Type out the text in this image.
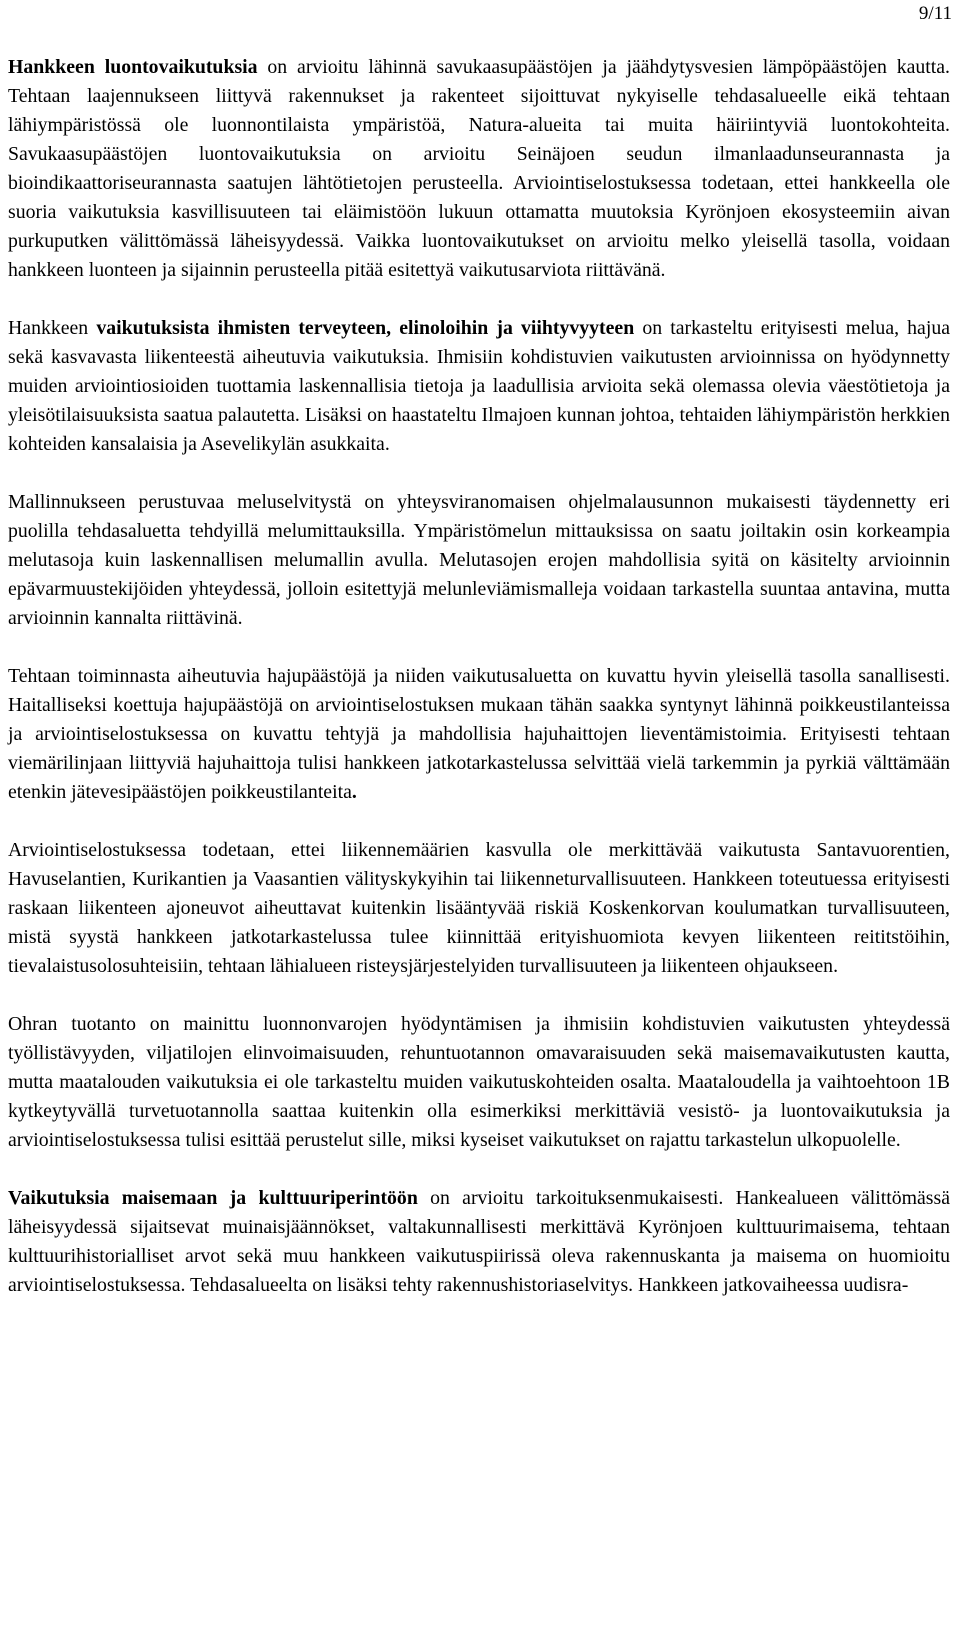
9/11

Hankkeen luontovaikutuksia on arvioitu lähinnä savukaasupäästöjen ja jäähdytysvesien lämpöpäästöjen kautta. Tehtaan laajennukseen liittyvä rakennukset ja rakenteet sijoittuvat nykyiselle tehdasalueelle eikä tehtaan lähiympäristössä ole luonnontilaista ympäristöä, Natura-alueita tai muita häiriintyviä luontokohteita. Savukaasupäästöjen luontovaikutuksia on arvioitu Seinäjoen seudun ilmanlaadunseurannasta ja bioindikaattoriseurannasta saatujen lähtötietojen perusteella. Arviointiselostuksessa todetaan, ettei hankkeella ole suoria vaikutuksia kasvillisuuteen tai eläimistöön lukuun ottamatta muutoksia Kyrönjoen ekosysteemiin aivan purkuputken välittömässä läheisyydessä. Vaikka luontovaikutukset on arvioitu melko yleisellä tasolla, voidaan hankkeen luonteen ja sijainnin perusteella pitää esitettyä vaikutusarviota riittävänä.

Hankkeen vaikutuksista ihmisten terveyteen, elinoloihin ja viihtyvyyteen on tarkasteltu erityisesti melua, hajua sekä kasvavasta liikenteestä aiheutuvia vaikutuksia. Ihmisiin kohdistuvien vaikutusten arvioinnissa on hyödynnetty muiden arviointiosioiden tuottamia laskennallisia tietoja ja laadullisia arvioita sekä olemassa olevia väestötietoja ja yleisötilaisuuksista saatua palautetta. Lisäksi on haastateltu Ilmajoen kunnan johtoa, tehtaiden lähiympäristön herkkien kohteiden kansalaisia ja Asevelikylän asukkaita.

Mallinnukseen perustuvaa meluselvitystä on yhteysviranomaisen ohjelmalausunnon mukaisesti täydennetty eri puolilla tehdasaluetta tehdyillä melumittauksilla. Ympäristömelun mittauksissa on saatu joiltakin osin korkeampia melutasoja kuin laskennallisen melumallin avulla. Melutasojen erojen mahdollisia syitä on käsitelty arvioinnin epävarmuustekijöiden yhteydessä, jolloin esitettyjä melunleviämismalleja voidaan tarkastella suuntaa antavina, mutta arvioinnin kannalta riittävinä.

Tehtaan toiminnasta aiheutuvia hajupäästöjä ja niiden vaikutusaluetta on kuvattu hyvin yleisellä tasolla sanallisesti. Haitalliseksi koettuja hajupäästöjä on arviointiselostuksen mukaan tähän saakka syntynyt lähinnä poikkeustilanteissa ja arviointiselostuksessa on kuvattu tehtyjä ja mahdollisia hajuhaittojen lieventämistoimia. Erityisesti tehtaan viemärilinjaan liittyviä hajuhaittoja tulisi hankkeen jatkotarkastelussa selvittää vielä tarkemmin ja pyrkiä välttämään etenkin jätevesipäästöjen poikkeustilanteita.

Arviointiselostuksessa todetaan, ettei liikennemäärien kasvulla ole merkittävää vaikutusta Santavuorentien, Havuselantien, Kurikantien ja Vaasantien välityskykyihin tai liikenneturvallisuuteen. Hankkeen toteutuessa erityisesti raskaan liikenteen ajoneuvot aiheuttavat kuitenkin lisääntyvää riskiä Koskenkorvan koulumatkan turvallisuuteen, mistä syystä hankkeen jatkotarkastelussa tulee kiinnittää erityishuomiota kevyen liikenteen reititstöihin, tievalaistusolosuhteisiin, tehtaan lähialueen risteysjärjestelyiden turvallisuuteen ja liikenteen ohjaukseen.

Ohran tuotanto on mainittu luonnonvarojen hyödyntämisen ja ihmisiin kohdistuvien vaikutusten yhteydessä työllistävyyden, viljatilojen elinvoimaisuuden, rehuntuotannon omavaraisuuden sekä maisemavaikutusten kautta, mutta maatalouden vaikutuksia ei ole tarkasteltu muiden vaikutuskohteiden osalta. Maataloudella ja vaihtoehtoon 1B kytkeytyvällä turvetuotannolla saattaa kuitenkin olla esimerkiksi merkittäviä vesistö- ja luontovaikutuksia ja arviointiselostuksessa tulisi esittää perustelut sille, miksi kyseiset vaikutukset on rajattu tarkastelun ulkopuolelle.

Vaikutuksia maisemaan ja kulttuuriperintöön on arvioitu tarkoituksenmukaisesti. Hankealueen välittömässä läheisyydessä sijaitsevat muinaisjäännökset, valtakunnallisesti merkittävä Kyrönjoen kulttuurimaisema, tehtaan kulttuurihistorialliset arvot sekä muu hankkeen vaikutuspiirissä oleva rakennuskanta ja maisema on huomioitu arviointiselostuksessa. Tehdasalueelta on lisäksi tehty rakennushistoriaselvitys. Hankkeen jatkovaiheessa uudisra-
